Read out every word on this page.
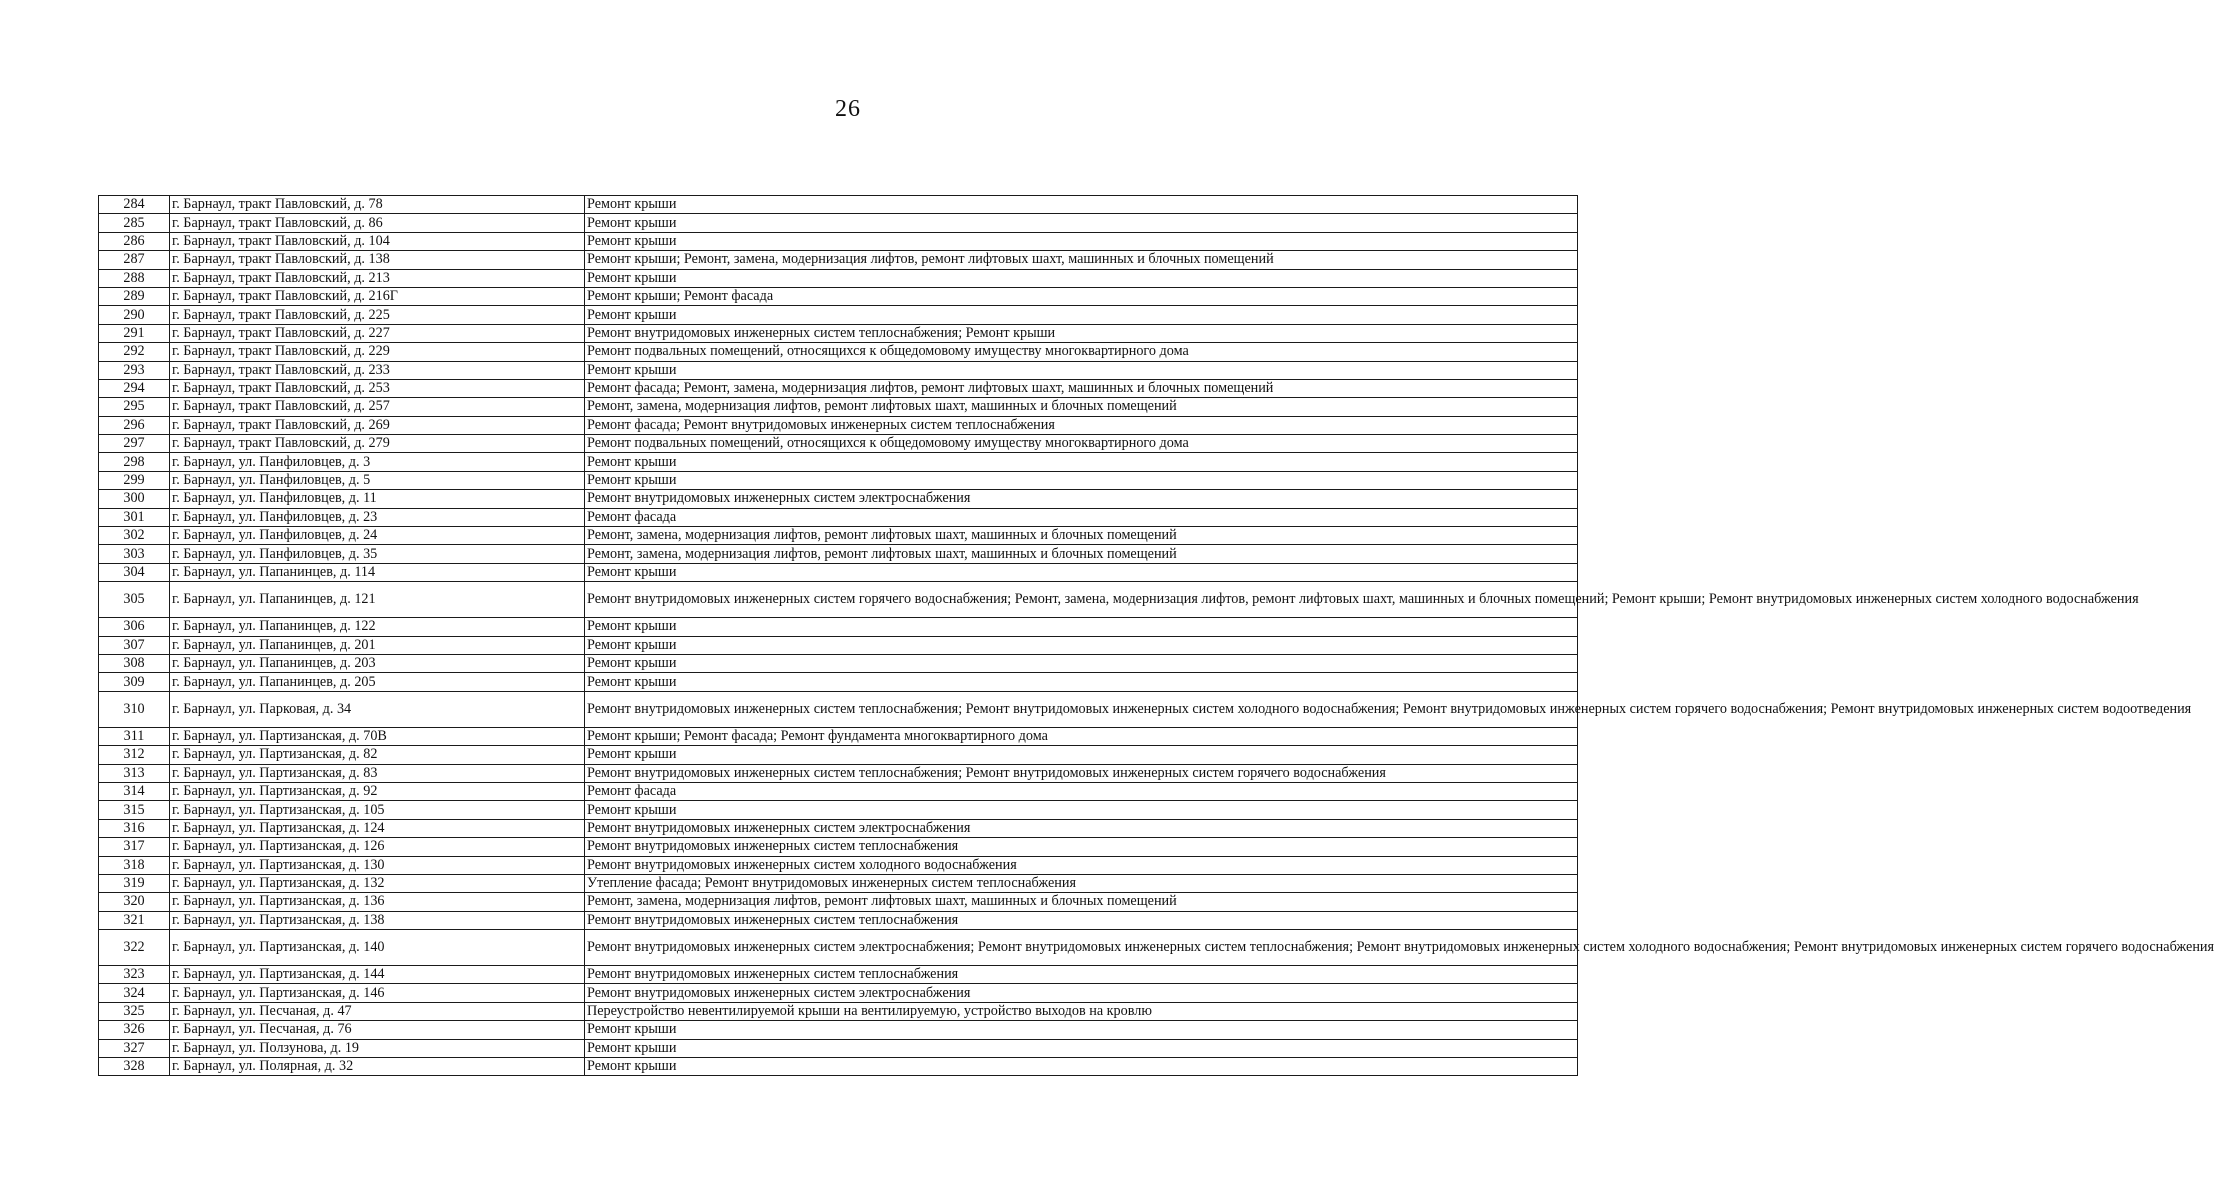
26
284	г. Барнаул, тракт Павловский, д. 78	Ремонт крыши
285	г. Барнаул, тракт Павловский, д. 86	Ремонт крыши
286	г. Барнаул, тракт Павловский, д. 104	Ремонт крыши
287	г. Барнаул, тракт Павловский, д. 138	Ремонт крыши; Ремонт, замена, модернизация лифтов, ремонт лифтовых шахт, машинных и блочных помещений
288	г. Барнаул, тракт Павловский, д. 213	Ремонт крыши
289	г. Барнаул, тракт Павловский, д. 216Г	Ремонт крыши; Ремонт фасада
290	г. Барнаул, тракт Павловский, д. 225	Ремонт крыши
291	г. Барнаул, тракт Павловский, д. 227	Ремонт внутридомовых инженерных систем теплоснабжения; Ремонт крыши
292	г. Барнаул, тракт Павловский, д. 229	Ремонт подвальных помещений, относящихся к общедомовому имуществу многоквартирного дома
293	г. Барнаул, тракт Павловский, д. 233	Ремонт крыши
294	г. Барнаул, тракт Павловский, д. 253	Ремонт фасада; Ремонт, замена, модернизация лифтов, ремонт лифтовых шахт, машинных и блочных помещений
295	г. Барнаул, тракт Павловский, д. 257	Ремонт, замена, модернизация лифтов, ремонт лифтовых шахт, машинных и блочных помещений
296	г. Барнаул, тракт Павловский, д. 269	Ремонт фасада; Ремонт внутридомовых инженерных систем теплоснабжения
297	г. Барнаул, тракт Павловский, д. 279	Ремонт подвальных помещений, относящихся к общедомовому имуществу многоквартирного дома
298	г. Барнаул, ул. Панфиловцев, д. 3	Ремонт крыши
299	г. Барнаул, ул. Панфиловцев, д. 5	Ремонт крыши
300	г. Барнаул, ул. Панфиловцев, д. 11	Ремонт внутридомовых инженерных систем электроснабжения
301	г. Барнаул, ул. Панфиловцев, д. 23	Ремонт фасада
302	г. Барнаул, ул. Панфиловцев, д. 24	Ремонт, замена, модернизация лифтов, ремонт лифтовых шахт, машинных и блочных помещений
303	г. Барнаул, ул. Панфиловцев, д. 35	Ремонт, замена, модернизация лифтов, ремонт лифтовых шахт, машинных и блочных помещений
304	г. Барнаул, ул. Папанинцев, д. 114	Ремонт крыши
305	г. Барнаул, ул. Папанинцев, д. 121	Ремонт внутридомовых инженерных систем горячего водоснабжения; Ремонт, замена, модернизация лифтов, ремонт лифтовых шахт, машинных и блочных помещений; Ремонт крыши; Ремонт внутридомовых инженерных систем холодного водоснабжения
306	г. Барнаул, ул. Папанинцев, д. 122	Ремонт крыши
307	г. Барнаул, ул. Папанинцев, д. 201	Ремонт крыши
308	г. Барнаул, ул. Папанинцев, д. 203	Ремонт крыши
309	г. Барнаул, ул. Папанинцев, д. 205	Ремонт крыши
310	г. Барнаул, ул. Парковая, д. 34	Ремонт внутридомовых инженерных систем теплоснабжения; Ремонт внутридомовых инженерных систем холодного водоснабжения; Ремонт внутридомовых инженерных систем горячего водоснабжения; Ремонт внутридомовых инженерных систем водоотведения
311	г. Барнаул, ул. Партизанская, д. 70В	Ремонт крыши; Ремонт фасада; Ремонт фундамента многоквартирного дома
312	г. Барнаул, ул. Партизанская, д. 82	Ремонт крыши
313	г. Барнаул, ул. Партизанская, д. 83	Ремонт внутридомовых инженерных систем теплоснабжения; Ремонт внутридомовых инженерных систем горячего водоснабжения
314	г. Барнаул, ул. Партизанская, д. 92	Ремонт фасада
315	г. Барнаул, ул. Партизанская, д. 105	Ремонт крыши
316	г. Барнаул, ул. Партизанская, д. 124	Ремонт внутридомовых инженерных систем электроснабжения
317	г. Барнаул, ул. Партизанская, д. 126	Ремонт внутридомовых инженерных систем теплоснабжения
318	г. Барнаул, ул. Партизанская, д. 130	Ремонт внутридомовых инженерных систем холодного водоснабжения
319	г. Барнаул, ул. Партизанская, д. 132	Утепление фасада; Ремонт внутридомовых инженерных систем теплоснабжения
320	г. Барнаул, ул. Партизанская, д. 136	Ремонт, замена, модернизация лифтов, ремонт лифтовых шахт, машинных и блочных помещений
321	г. Барнаул, ул. Партизанская, д. 138	Ремонт внутридомовых инженерных систем теплоснабжения
322	г. Барнаул, ул. Партизанская, д. 140	Ремонт внутридомовых инженерных систем электроснабжения; Ремонт внутридомовых инженерных систем теплоснабжения; Ремонт внутридомовых инженерных систем холодного водоснабжения; Ремонт внутридомовых инженерных систем горячего водоснабжения
323	г. Барнаул, ул. Партизанская, д. 144	Ремонт внутридомовых инженерных систем теплоснабжения
324	г. Барнаул, ул. Партизанская, д. 146	Ремонт внутридомовых инженерных систем электроснабжения
325	г. Барнаул, ул. Песчаная, д. 47	Переустройство невентилируемой крыши на вентилируемую, устройство выходов на кровлю
326	г. Барнаул, ул. Песчаная, д. 76	Ремонт крыши
327	г. Барнаул, ул. Ползунова, д. 19	Ремонт крыши
328	г. Барнаул, ул. Полярная, д. 32	Ремонт крыши
